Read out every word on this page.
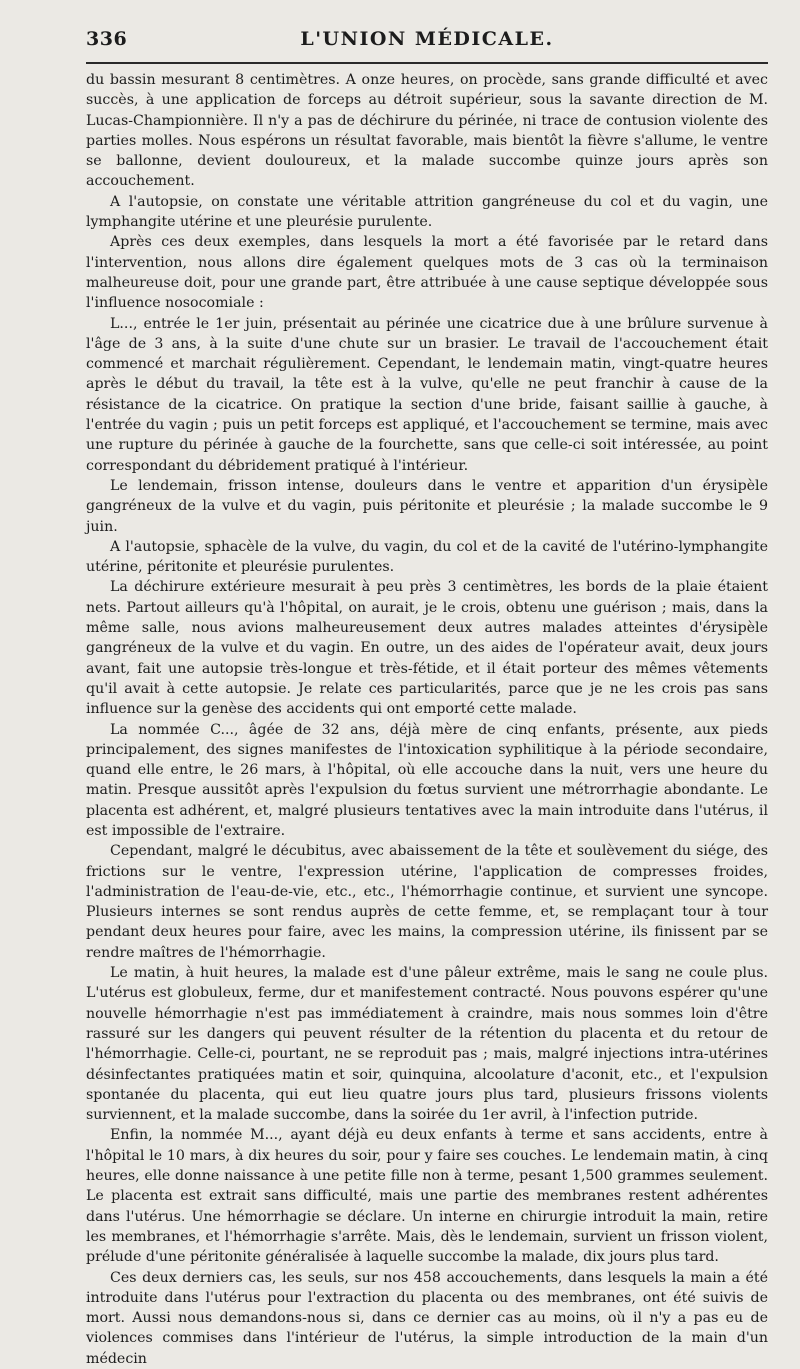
336	L'UNION MÉDICALE.

du bassin mesurant 8 centimètres. A onze heures, on procède, sans grande difficulté et avec succès, à une application de forceps au détroit supérieur, sous la savante direction de M. Lucas-Championnière. Il n'y a pas de déchirure du périnée, ni trace de contusion violente des parties molles. Nous espérons un résultat favorable, mais bientôt la fièvre s'allume, le ventre se ballonne, devient douloureux, et la malade succombe quinze jours après son accouchement.

A l'autopsie, on constate une véritable attrition gangréneuse du col et du vagin, une lymphangite utérine et une pleurésie purulente.

Après ces deux exemples, dans lesquels la mort a été favorisée par le retard dans l'intervention, nous allons dire également quelques mots de 3 cas où la terminaison malheureuse doit, pour une grande part, être attribuée à une cause septique développée sous l'influence nosocomiale :

L..., entrée le 1er juin, présentait au périnée une cicatrice due à une brûlure survenue à l'âge de 3 ans, à la suite d'une chute sur un brasier. Le travail de l'accouchement était commencé et marchait régulièrement. Cependant, le lendemain matin, vingt-quatre heures après le début du travail, la tête est à la vulve, qu'elle ne peut franchir à cause de la résistance de la cicatrice. On pratique la section d'une bride, faisant saillie à gauche, à l'entrée du vagin ; puis un petit forceps est appliqué, et l'accouchement se termine, mais avec une rupture du périnée à gauche de la fourchette, sans que celle-ci soit intéressée, au point correspondant du débridement pratiqué à l'intérieur.

Le lendemain, frisson intense, douleurs dans le ventre et apparition d'un érysipèle gangréneux de la vulve et du vagin, puis péritonite et pleurésie ; la malade succombe le 9 juin.

A l'autopsie, sphacèle de la vulve, du vagin, du col et de la cavité de l'utérino-lymphangite utérine, péritonite et pleurésie purulentes.

La déchirure extérieure mesurait à peu près 3 centimètres, les bords de la plaie étaient nets. Partout ailleurs qu'à l'hôpital, on aurait, je le crois, obtenu une guérison ; mais, dans la même salle, nous avions malheureusement deux autres malades atteintes d'érysipèle gangréneux de la vulve et du vagin. En outre, un des aides de l'opérateur avait, deux jours avant, fait une autopsie très-longue et très-fétide, et il était porteur des mêmes vêtements qu'il avait à cette autopsie. Je relate ces particularités, parce que je ne les crois pas sans influence sur la genèse des accidents qui ont emporté cette malade.

La nommée C..., âgée de 32 ans, déjà mère de cinq enfants, présente, aux pieds principalement, des signes manifestes de l'intoxication syphilitique à la période secondaire, quand elle entre, le 26 mars, à l'hôpital, où elle accouche dans la nuit, vers une heure du matin. Presque aussitôt après l'expulsion du fœtus survient une métrorrhagie abondante. Le placenta est adhérent, et, malgré plusieurs tentatives avec la main introduite dans l'utérus, il est impossible de l'extraire.

Cependant, malgré le décubitus, avec abaissement de la tête et soulèvement du siége, des frictions sur le ventre, l'expression utérine, l'application de compresses froides, l'administration de l'eau-de-vie, etc., etc., l'hémorrhagie continue, et survient une syncope. Plusieurs internes se sont rendus auprès de cette femme, et, se remplaçant tour à tour pendant deux heures pour faire, avec les mains, la compression utérine, ils finissent par se rendre maîtres de l'hémorrhagie.

Le matin, à huit heures, la malade est d'une pâleur extrême, mais le sang ne coule plus. L'utérus est globuleux, ferme, dur et manifestement contracté. Nous pouvons espérer qu'une nouvelle hémorrhagie n'est pas immédiatement à craindre, mais nous sommes loin d'être rassuré sur les dangers qui peuvent résulter de la rétention du placenta et du retour de l'hémorrhagie. Celle-ci, pourtant, ne se reproduit pas ; mais, malgré injections intra-utérines désinfectantes pratiquées matin et soir, quinquina, alcoolature d'aconit, etc., et l'expulsion spontanée du placenta, qui eut lieu quatre jours plus tard, plusieurs frissons violents surviennent, et la malade succombe, dans la soirée du 1er avril, à l'infection putride.

Enfin, la nommée M..., ayant déjà eu deux enfants à terme et sans accidents, entre à l'hôpital le 10 mars, à dix heures du soir, pour y faire ses couches. Le lendemain matin, à cinq heures, elle donne naissance à une petite fille non à terme, pesant 1,500 grammes seulement. Le placenta est extrait sans difficulté, mais une partie des membranes restent adhérentes dans l'utérus. Une hémorrhagie se déclare. Un interne en chirurgie introduit la main, retire les membranes, et l'hémorrhagie s'arrête. Mais, dès le lendemain, survient un frisson violent, prélude d'une péritonite généralisée à laquelle succombe la malade, dix jours plus tard.

Ces deux derniers cas, les seuls, sur nos 458 accouchements, dans lesquels la main a été introduite dans l'utérus pour l'extraction du placenta ou des membranes, ont été suivis de mort. Aussi nous demandons-nous si, dans ce dernier cas au moins, où il n'y a pas eu de violences commises dans l'intérieur de l'utérus, la simple introduction de la main d'un médecin
